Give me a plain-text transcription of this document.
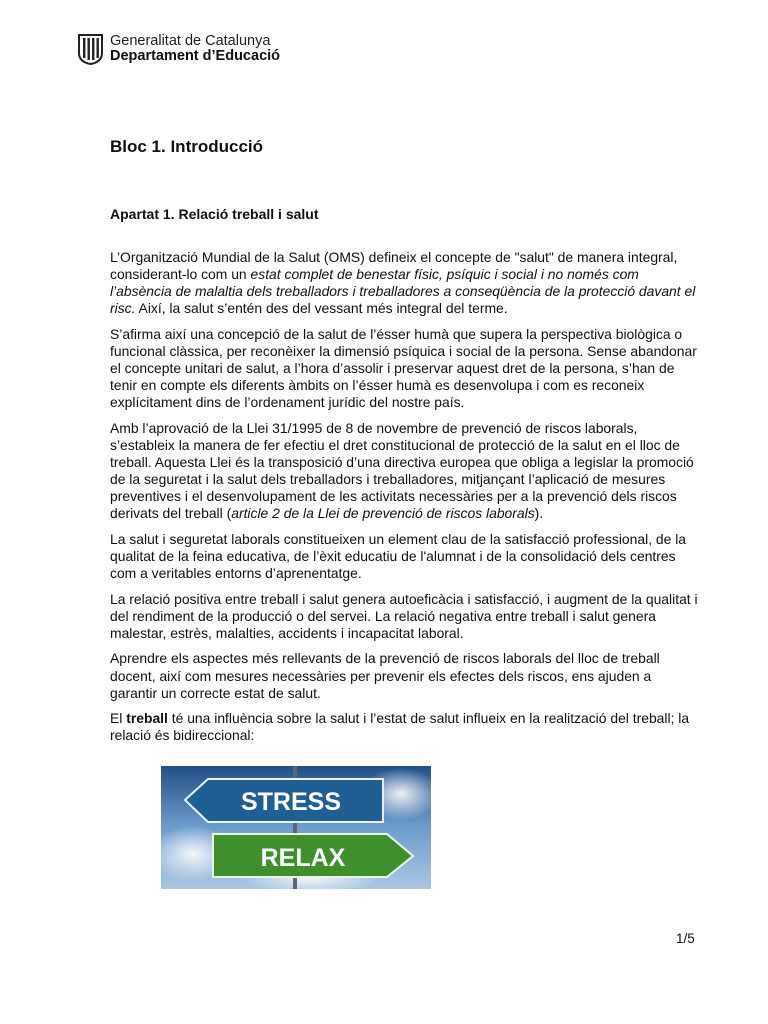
Generalitat de Catalunya
Departament d’Educació
Bloc 1. Introducció
Apartat 1. Relació treball i salut

L’Organització Mundial de la Salut (OMS) defineix el concepte de "salut" de manera integral, considerant-lo com un estat complet de benestar físic, psíquic i social i no només com l’absència de malaltia dels treballadors i treballadores a conseqüència de la protecció davant el risc. Així, la salut s’entén des del vessant més integral del terme.

S’afirma així una concepció de la salut de l’ésser humà que supera la perspectiva biològica o funcional clàssica, per reconèixer la dimensió psíquica i social de la persona. Sense abandonar el concepte unitari de salut, a l’hora d’assolir i preservar aquest dret de la persona, s’han de tenir en compte els diferents àmbits on l’ésser humà es desenvolupa i com es reconeix explícitament dins de l’ordenament jurídic del nostre país.

Amb l’aprovació de la Llei 31/1995 de 8 de novembre de prevenció de riscos laborals, s’estableix la manera de fer efectiu el dret constitucional de protecció de la salut en el lloc de treball. Aquesta Llei és la transposició d’una directiva europea que obliga a legislar la promoció de la seguretat i la salut dels treballadors i treballadores, mitjançant l’aplicació de mesures preventives i el desenvolupament de les activitats necessàries per a la prevenció dels riscos derivats del treball (article 2 de la Llei de prevenció de riscos laborals).

La salut i seguretat laborals constitueixen un element clau de la satisfacció professional, de la qualitat de la feina educativa, de l’èxit educatiu de l'alumnat i de la consolidació dels centres com a veritables entorns d’aprenentatge.

La relació positiva entre treball i salut genera autoeficàcia i satisfacció, i augment de la qualitat i del rendiment de la producció o del servei. La relació negativa entre treball i salut genera malestar, estrès, malalties, accidents i incapacitat laboral.

Aprendre els aspectes més rellevants de la prevenció de riscos laborals del lloc de treball docent, així com mesures necessàries per prevenir els efectes dels riscos, ens ajuden a garantir un correcte estat de salut.

El treball té una influència sobre la salut i l’estat de salut influeix en la realització del treball; la relació és bidireccional:

STRESS
RELAX
1/5
